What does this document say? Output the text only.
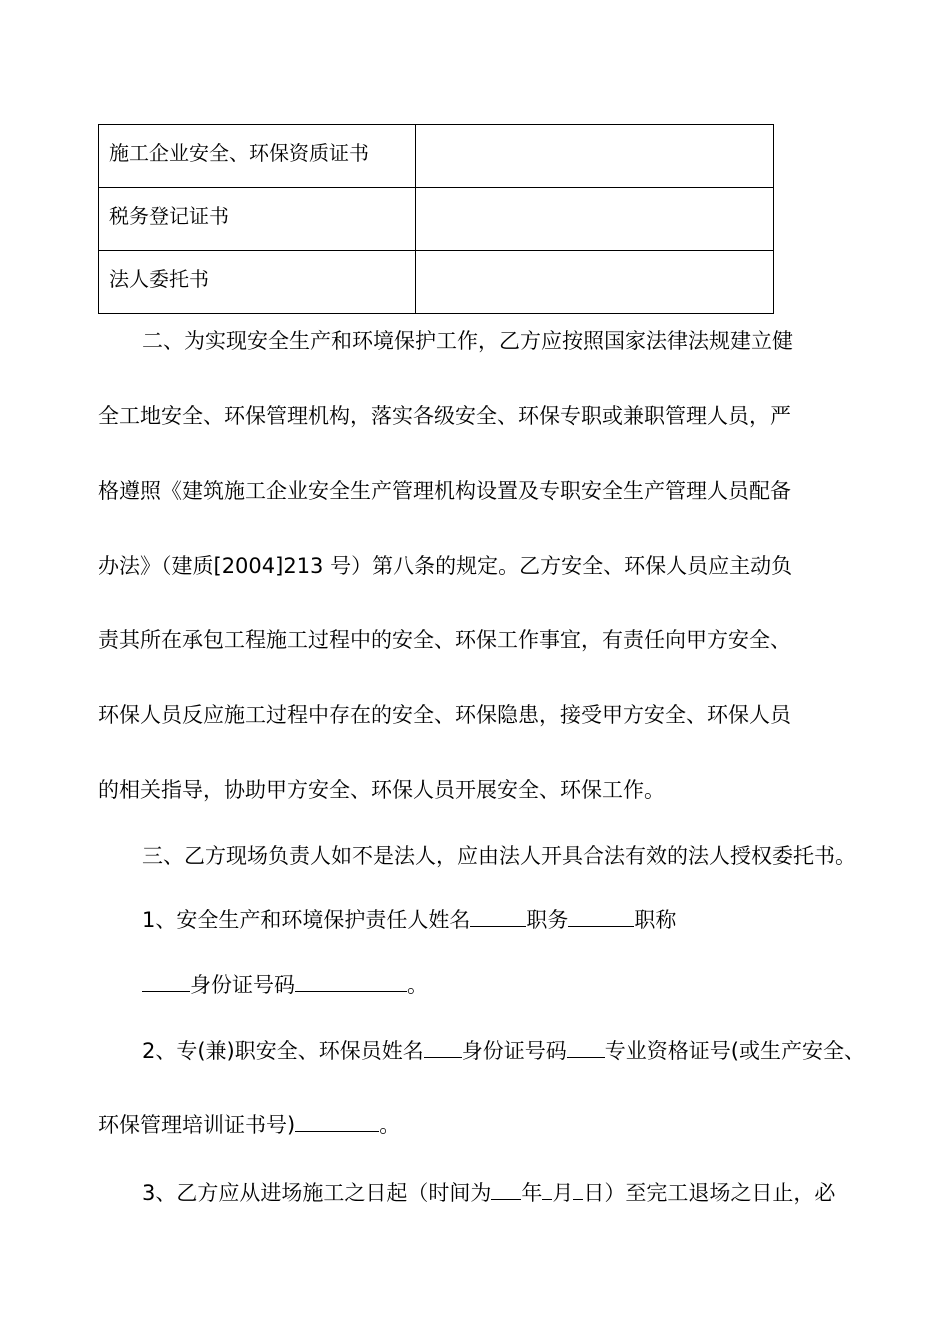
施工企业安全、环保资质证书	
税务登记证书	
法人委托书	
二、为实现安全生产和环境保护工作，乙方应按照国家法律法规建立健
全工地安全、环保管理机构，落实各级安全、环保专职或兼职管理人员，严
格遵照《建筑施工企业安全生产管理机构设置及专职安全生产管理人员配备
办法》（建质[2004]213 号）第八条的规定。乙方安全、环保人员应主动负
责其所在承包工程施工过程中的安全、环保工作事宜，有责任向甲方安全、
环保人员反应施工过程中存在的安全、环保隐患，接受甲方安全、环保人员
的相关指导，协助甲方安全、环保人员开展安全、环保工作。
三、乙方现场负责人如不是法人，应由法人开具合法有效的法人授权委托书。
1、安全生产和环境保护责任人姓名	职务	职称
身份证号码	。
2、专(兼)职安全、环保员姓名 身份证号码 专业资格证号(或生产安全、
环保管理培训证书号)	。
3、乙方应从进场施工之日起（时间为 年 月 日）至完工退场之日止，必
